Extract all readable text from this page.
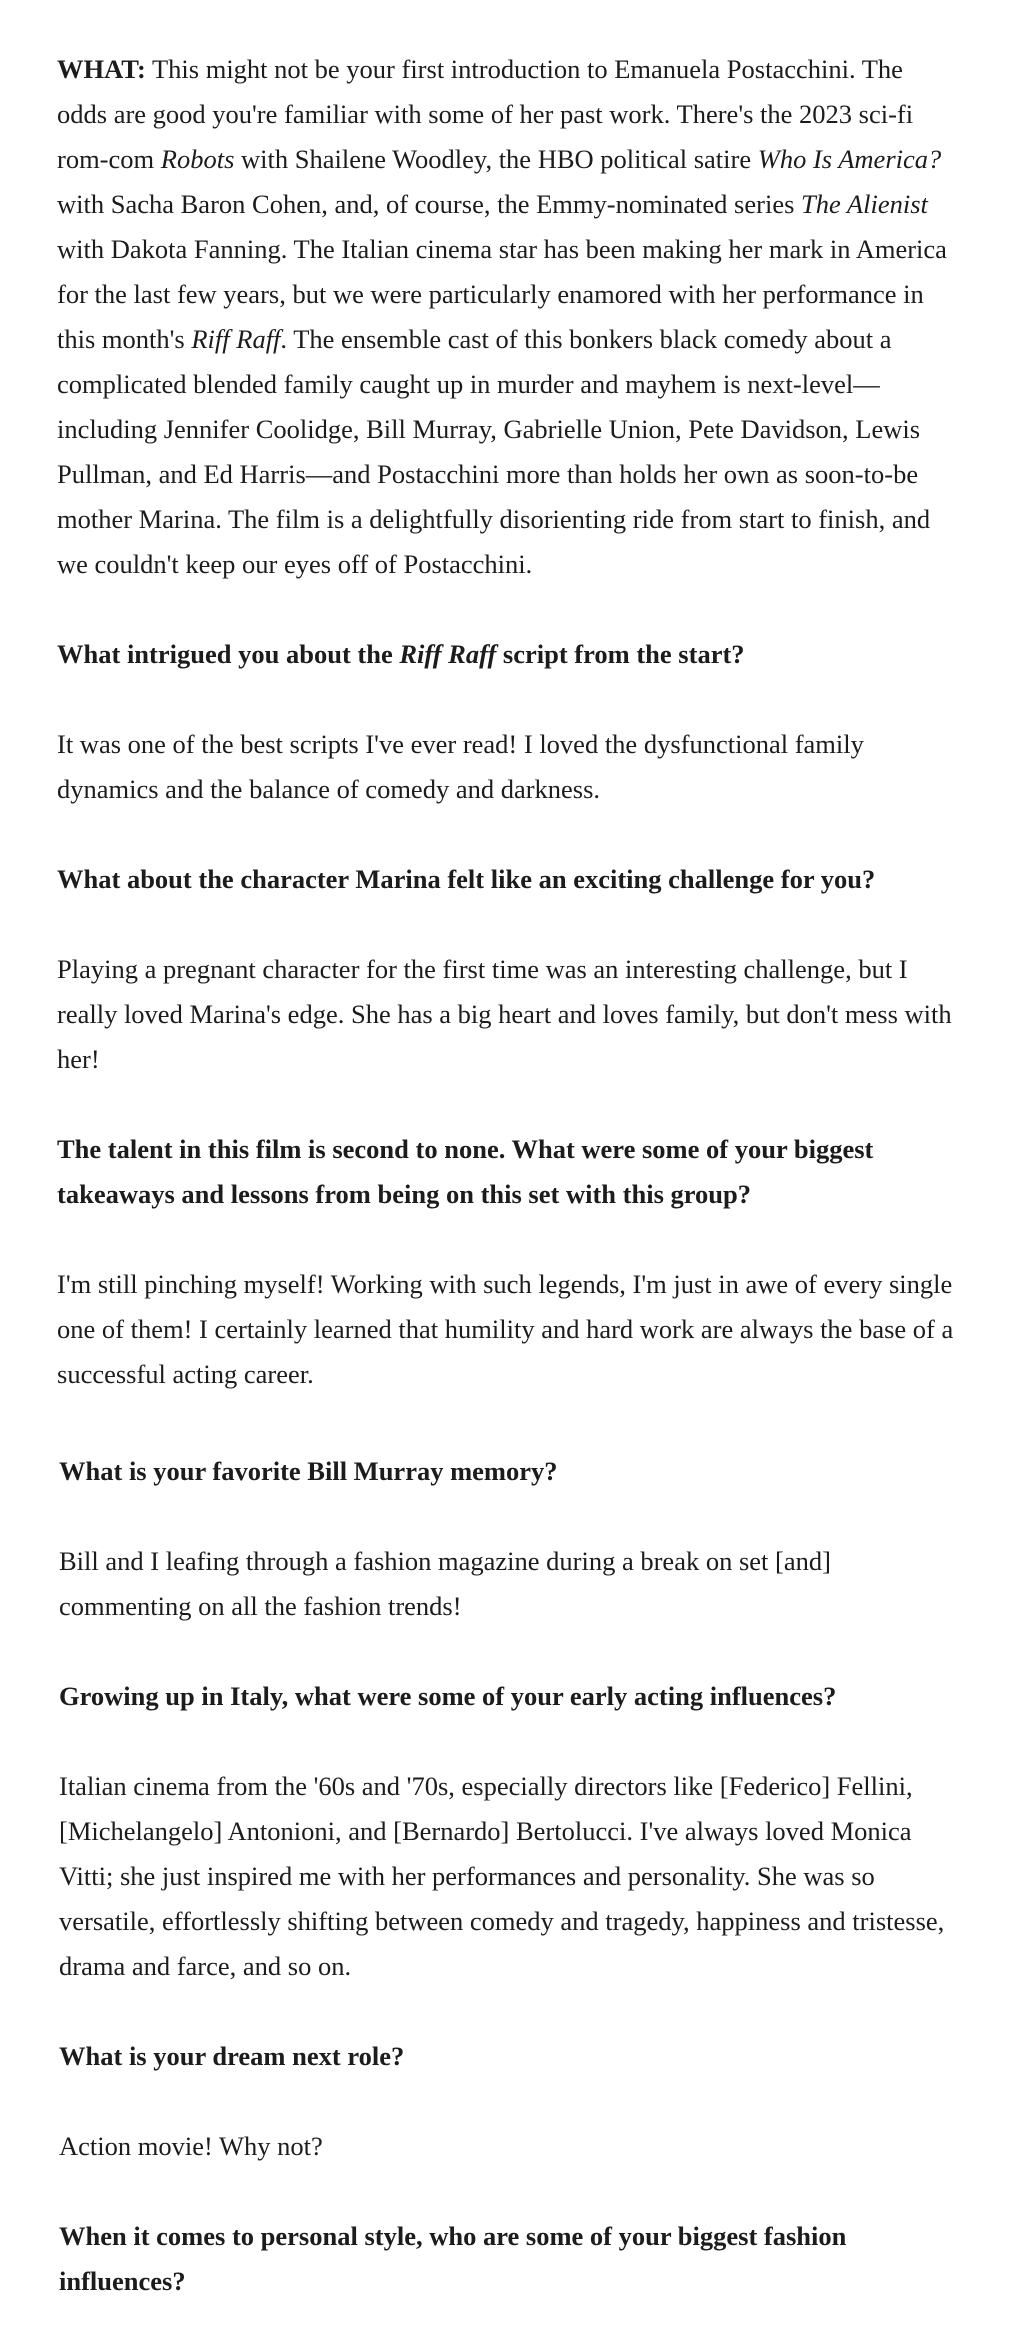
WHAT: This might not be your first introduction to Emanuela Postacchini. The odds are good you're familiar with some of her past work. There's the 2023 sci-fi rom-com Robots with Shailene Woodley, the HBO political satire Who Is America? with Sacha Baron Cohen, and, of course, the Emmy-nominated series The Alienist with Dakota Fanning. The Italian cinema star has been making her mark in America for the last few years, but we were particularly enamored with her performance in this month's Riff Raff. The ensemble cast of this bonkers black comedy about a complicated blended family caught up in murder and mayhem is next-level—including Jennifer Coolidge, Bill Murray, Gabrielle Union, Pete Davidson, Lewis Pullman, and Ed Harris—and Postacchini more than holds her own as soon-to-be mother Marina. The film is a delightfully disorienting ride from start to finish, and we couldn't keep our eyes off of Postacchini.

What intrigued you about the Riff Raff script from the start?

It was one of the best scripts I've ever read! I loved the dysfunctional family dynamics and the balance of comedy and darkness.

What about the character Marina felt like an exciting challenge for you?

Playing a pregnant character for the first time was an interesting challenge, but I really loved Marina's edge. She has a big heart and loves family, but don't mess with her!

The talent in this film is second to none. What were some of your biggest takeaways and lessons from being on this set with this group?

I'm still pinching myself! Working with such legends, I'm just in awe of every single one of them! I certainly learned that humility and hard work are always the base of a successful acting career.

What is your favorite Bill Murray memory?

Bill and I leafing through a fashion magazine during a break on set [and] commenting on all the fashion trends!

Growing up in Italy, what were some of your early acting influences?

Italian cinema from the '60s and '70s, especially directors like [Federico] Fellini, [Michelangelo] Antonioni, and [Bernardo] Bertolucci. I've always loved Monica Vitti; she just inspired me with her performances and personality. She was so versatile, effortlessly shifting between comedy and tragedy, happiness and tristesse, drama and farce, and so on.

What is your dream next role?

Action movie! Why not?

When it comes to personal style, who are some of your biggest fashion influences?
